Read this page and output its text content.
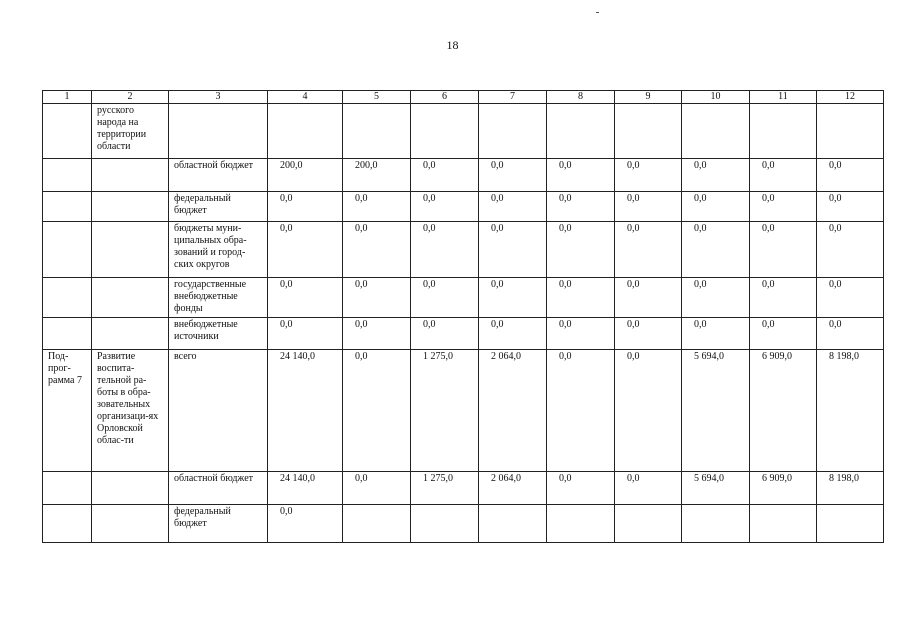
18
1	2	3	4	5	6	7	8	9	10	11	12
	русского народа на территории области										
		областной бюджет	200,0	200,0	0,0	0,0	0,0	0,0	0,0	0,0	0,0
		федеральный бюджет	0,0	0,0	0,0	0,0	0,0	0,0	0,0	0,0	0,0
		бюджеты муни-ципальных обра-зований и город-ских округов	0,0	0,0	0,0	0,0	0,0	0,0	0,0	0,0	0,0
		государственные внебюджетные фонды	0,0	0,0	0,0	0,0	0,0	0,0	0,0	0,0	0,0
		внебюджетные источники	0,0	0,0	0,0	0,0	0,0	0,0	0,0	0,0	0,0
Под-прог-рамма 7	Развитие воспита-тельной ра-боты в обра-зовательных организаци-ях Орловской облас-ти	всего	24 140,0	0,0	1 275,0	2 064,0	0,0	0,0	5 694,0	6 909,0	8 198,0
		областной бюджет	24 140,0	0,0	1 275,0	2 064,0	0,0	0,0	5 694,0	6 909,0	8 198,0
		федеральный бюджет	0,0								
